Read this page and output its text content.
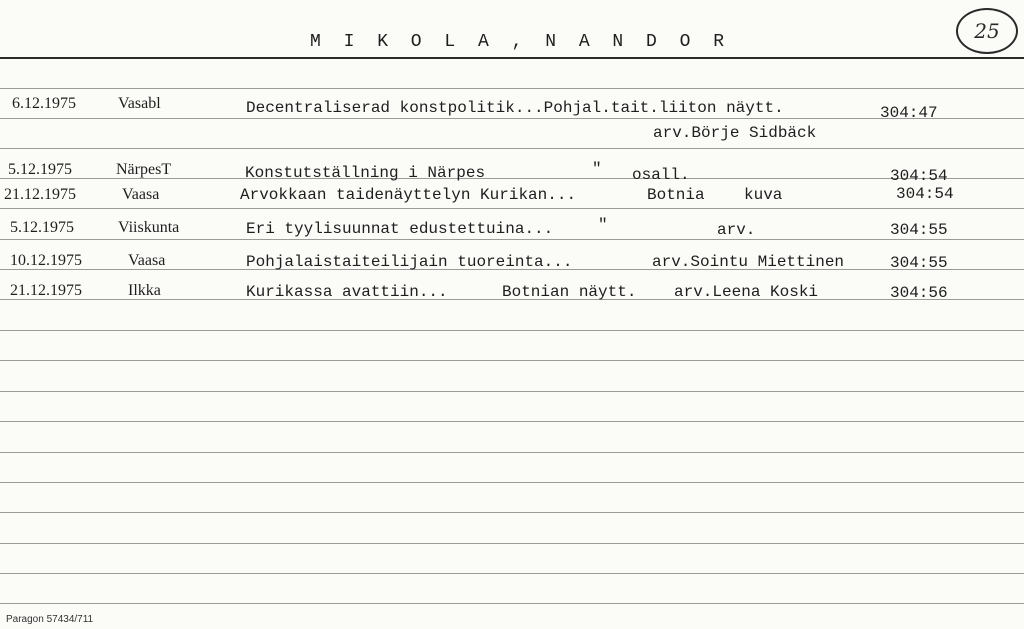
M I K O L A , N A N D O R	25
6.12.1975	Vasabl	Decentraliserad konstpolitik...Pohjal.tait.liiton näytt.	304:47
arv.Börje Sidbäck
5.12.1975	NärpesT	Konstutställning i Närpes	" osall.	304:54
21.12.1975	Vaasa	Arvokkaan taidenäyttelyn Kurikan...	Botnia kuva	304:54
5.12.1975	Viiskunta	Eri tyylisuunnat edustettuina...	"	arv.	304:55
10.12.1975	Vaasa	Pohjalaistaiteilijain tuoreinta...	arv.Sointu Miettinen	304:55
21.12.1975	Ilkka	Kurikassa avattiin...	Botnian näytt. arv.Leena Koski	304:56
Paragon 57434/711
